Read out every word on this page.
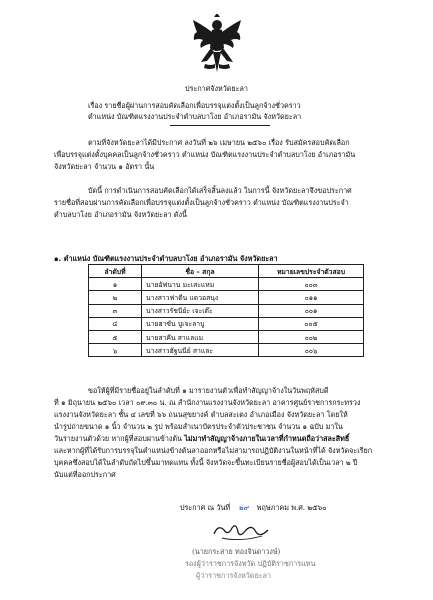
ประกาศจังหวัดยะลา
เรื่อง รายชื่อผู้ผ่านการสอบคัดเลือกเพื่อบรรจุแต่งตั้งเป็นลูกจ้างชั่วคราว
ตำแหน่ง บัณฑิตแรงงานประจำตำบลบาโงย อำเภอรามัน จังหวัดยะลา
ตามที่จังหวัดยะลาได้มีประกาศ ลงวันที่ ๒๖ เมษายน ๒๕๖๐ เรื่อง รับสมัครสอบคัดเลือก
เพื่อบรรจุแต่งตั้งบุคคลเป็นลูกจ้างชั่วคราว ตำแหน่ง บัณฑิตแรงงานประจำตำบลบาโงย อำเภอรามัน
จังหวัดยะลา จำนวน ๑ อัตรา นั้น
บัดนี้ การดำเนินการสอบคัดเลือกได้เสร็จสิ้นลงแล้ว ในการนี้ จังหวัดยะลาจึงขอประกาศ
รายชื่อที่สอบผ่านการคัดเลือกเพื่อบรรจุแต่งตั้งเป็นลูกจ้างชั่วคราว ตำแหน่ง บัณฑิตแรงงานประจำ
ตำบลบาโงย อำเภอรามัน จังหวัดยะลา ดังนี้
๑. ตำแหน่ง บัณฑิตแรงงานประจำตำบลบาโงย อำเภอรามัน จังหวัดยะลา
ลำดับที่	ชื่อ – สกุล	หมายเลขประจำตัวสอบ
๑	นายอัฟนาน มะเสะแหม	๐๐๓
๒	นางสาวฟาตีน แดวอสนุง	๐๑๑
๓	นางสาวรัชนีย์ะ เจะเต๊ะ	๐๐๑
๔	นายฮาซัน บูเจะลาบู	๐๐๕
๕	นายสาคีน สาแลแม	๐๐๒
๖	นางสาวฮัฐนนีย์ สาและ	๐๐๖
ขอให้ผู้ที่มีรายชื่ออยู่ในลำดับที่ ๑ มารายงานตัวเพื่อทำสัญญาจ้างในวันพฤหัสบดี
ที่ ๑ มิถุนายน ๒๕๖๐ เวลา ๐๙.๓๐ น. ณ สำนักงานแรงงานจังหวัดยะลา อาคารศูนย์ราชการกระทรวง
แรงงานจังหวัดยะลา ชั้น ๔ เลขที่ ๖๖ ถนนสุขยางค์ ตำบลสะเตง อำเภอเมือง จังหวัดยะลา โดยให้
นำรูปถ่ายขนาด ๑ นิ้ว จำนวน ๒ รูป พร้อมสำเนาบัตรประจำตัวประชาชน จำนวน ๑ ฉบับ มาใน
วันรายงานตัวด้วย หากผู้ที่สอบผ่านข้างต้น ไม่มาทำสัญญาจ้างภายในเวลาที่กำหนดถือว่าสละสิทธิ์
และหากผู้ที่ได้รับการบรรจุในตำแหน่งข้างต้นลาออกหรือไม่สามารถปฏิบัติงานในหน้าที่ได้ จังหวัดจะเรียก
บุคคลซึ่งสอบได้ในลำดับถัดไปขึ้นมาทดแทน ทั้งนี้ จังหวัดจะขึ้นทะเบียนรายชื่อผู้สอบได้เป็นเวลา ๒ ปี
นับแต่ที่ออกประกาศ
ประกาศ ณ วันที่ ๒๙ พฤษภาคม พ.ศ. ๒๕๖๐
(นายกระสาย ทองจินดาวงษ์)
รองผู้ว่าราชการจังหวัด ปฏิบัติราชการแทน
ผู้ว่าราชการจังหวัดยะลา
